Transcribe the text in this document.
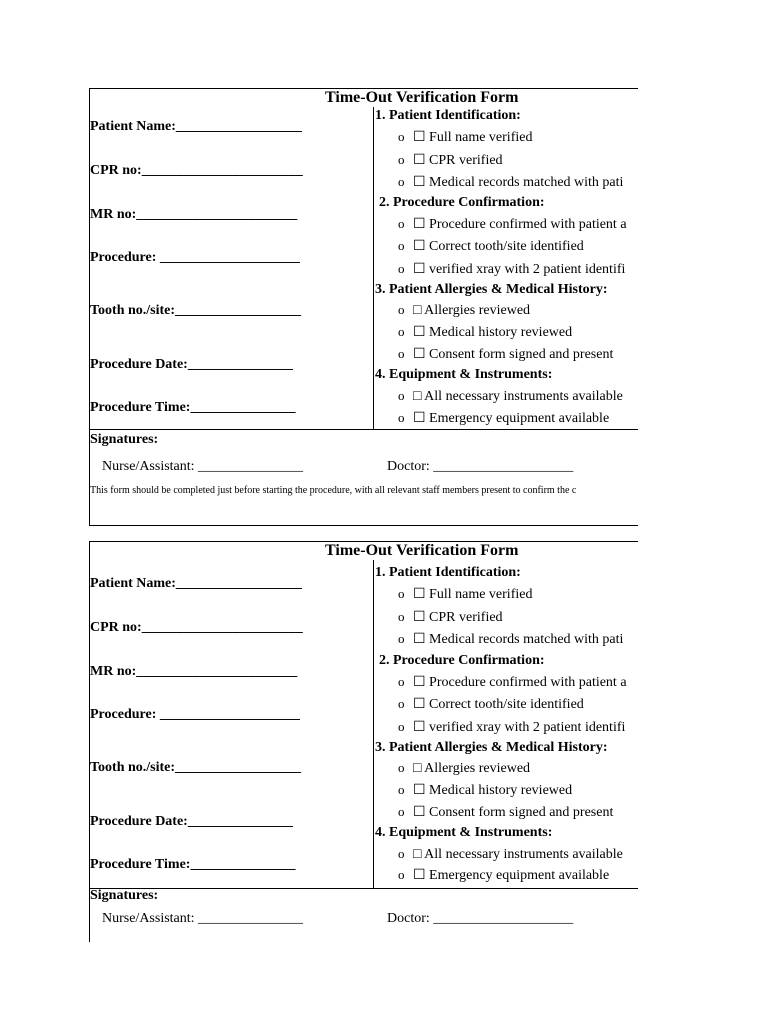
Time-Out Verification Form
Patient Name:__________________
CPR no:_______________________
MR no:_______________________
Procedure: ____________________
Tooth no./site:__________________
Procedure Date:_______________
Procedure Time:_______________
1. Patient Identification:
o ☐ Full name verified
o ☐ CPR verified
o ☐ Medical records matched with pati
2. Procedure Confirmation:
o ☐ Procedure confirmed with patient a
o ☐ Correct tooth/site identified
o ☐ verified xray with 2 patient identifi
3. Patient Allergies & Medical History:
o □ Allergies reviewed
o ☐ Medical history reviewed
o ☐ Consent form signed and present
4. Equipment & Instruments:
o □ All necessary instruments available
o ☐ Emergency equipment available
Signatures:
Nurse/Assistant: _______________	Doctor: ____________________
This form should be completed just before starting the procedure, with all relevant staff members present to confirm the c
Time-Out Verification Form
Patient Name:__________________
CPR no:_______________________
MR no:_______________________
Procedure: ____________________
Tooth no./site:__________________
Procedure Date:_______________
Procedure Time:_______________
1. Patient Identification:
o ☐ Full name verified
o ☐ CPR verified
o ☐ Medical records matched with pati
2. Procedure Confirmation:
o ☐ Procedure confirmed with patient a
o ☐ Correct tooth/site identified
o ☐ verified xray with 2 patient identifi
3. Patient Allergies & Medical History:
o □ Allergies reviewed
o ☐ Medical history reviewed
o ☐ Consent form signed and present
4. Equipment & Instruments:
o □ All necessary instruments available
o ☐ Emergency equipment available
Signatures:
Nurse/Assistant: _______________	Doctor: ____________________
